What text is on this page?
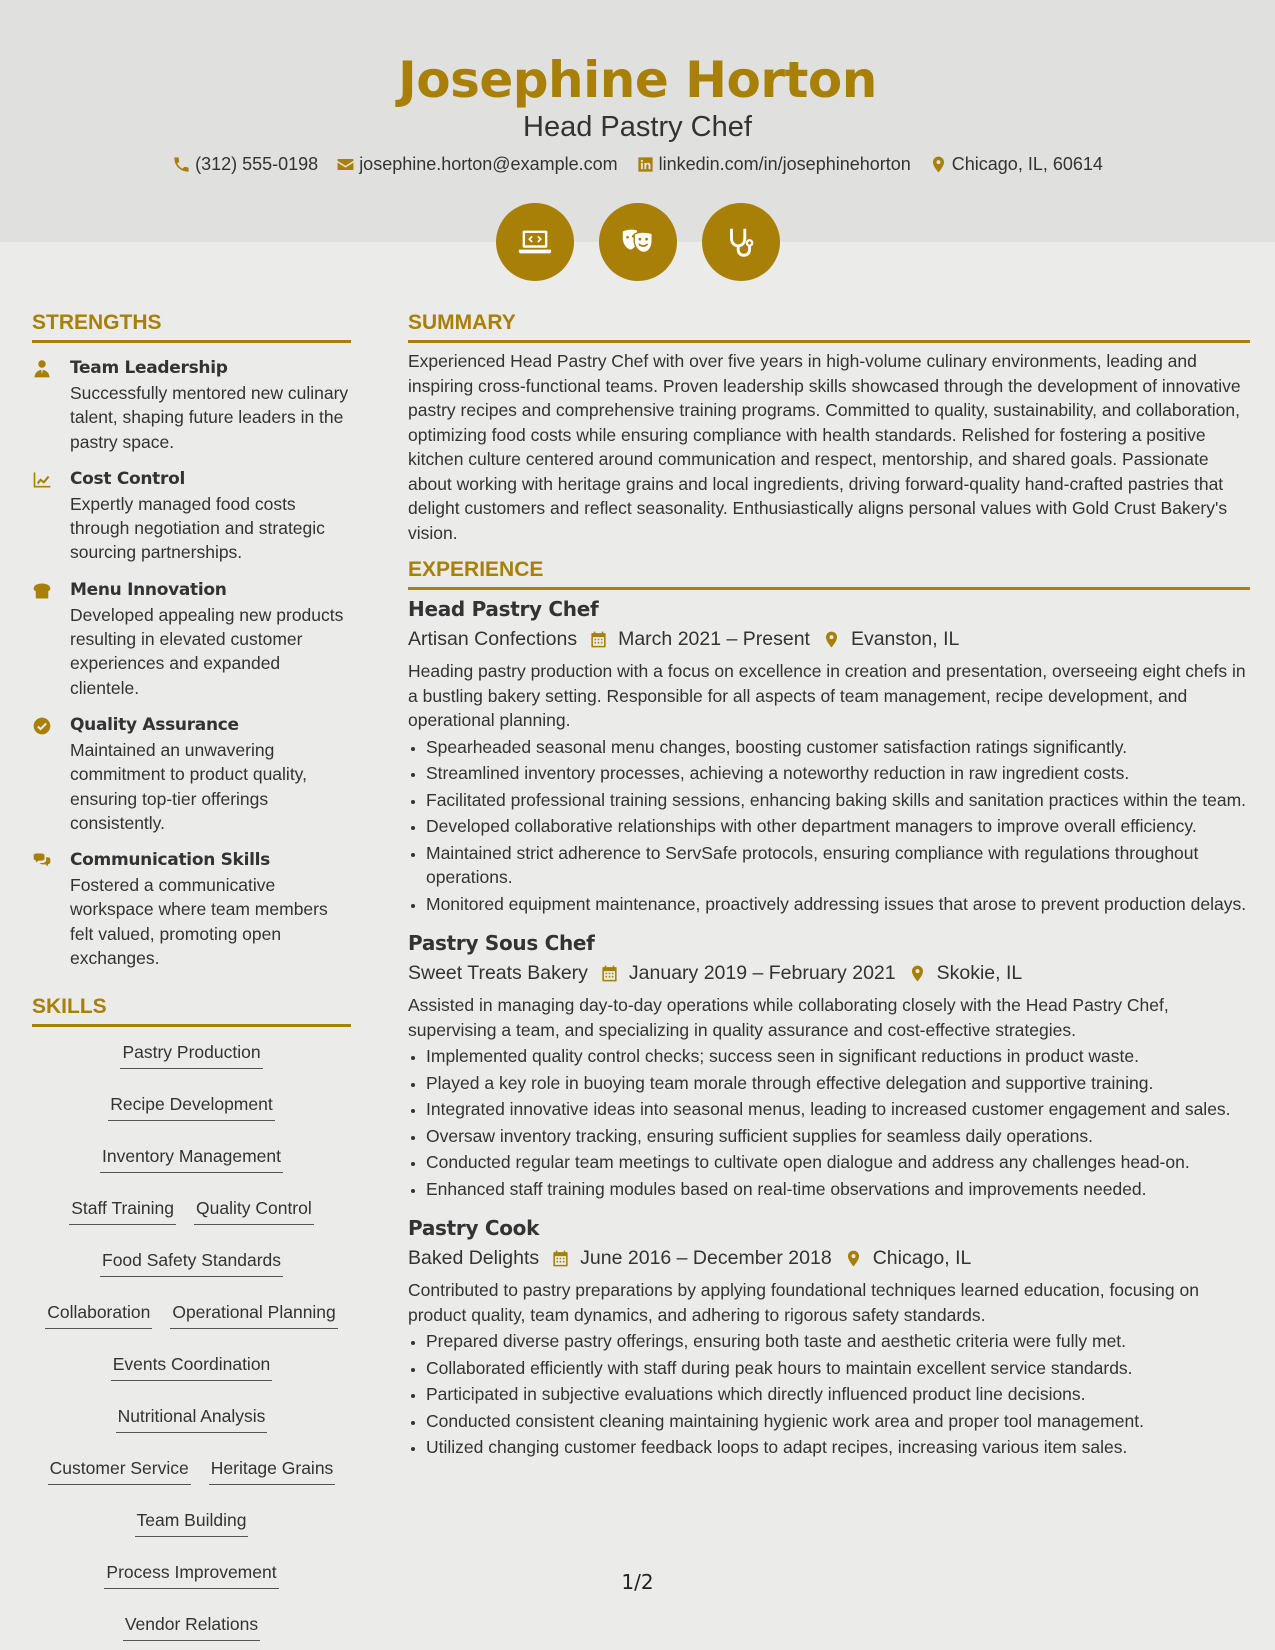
Josephine Horton
Head Pastry Chef
(312) 555-0198 josephine.horton@example.com linkedin.com/in/josephinehorton Chicago, IL, 60614
STRENGTHS
Team Leadership
Successfully mentored new culinary talent, shaping future leaders in the pastry space.
Cost Control
Expertly managed food costs through negotiation and strategic sourcing partnerships.
Menu Innovation
Developed appealing new products resulting in elevated customer experiences and expanded clientele.
Quality Assurance
Maintained an unwavering commitment to product quality, ensuring top-tier offerings consistently.
Communication Skills
Fostered a communicative workspace where team members felt valued, promoting open exchanges.
SKILLS
Pastry Production
Recipe Development
Inventory Management
Staff Training Quality Control
Food Safety Standards
Collaboration Operational Planning
Events Coordination
Nutritional Analysis
Customer Service Heritage Grains
Team Building
Process Improvement
Vendor Relations
SUMMARY
Experienced Head Pastry Chef with over five years in high-volume culinary environments, leading and inspiring cross-functional teams. Proven leadership skills showcased through the development of innovative pastry recipes and comprehensive training programs. Committed to quality, sustainability, and collaboration, optimizing food costs while ensuring compliance with health standards. Relished for fostering a positive kitchen culture centered around communication and respect, mentorship, and shared goals. Passionate about working with heritage grains and local ingredients, driving forward-quality hand-crafted pastries that delight customers and reflect seasonality. Enthusiastically aligns personal values with Gold Crust Bakery's vision.
EXPERIENCE
Head Pastry Chef
Artisan Confections March 2021 – Present Evanston, IL
Heading pastry production with a focus on excellence in creation and presentation, overseeing eight chefs in a bustling bakery setting. Responsible for all aspects of team management, recipe development, and operational planning.
• Spearheaded seasonal menu changes, boosting customer satisfaction ratings significantly.
• Streamlined inventory processes, achieving a noteworthy reduction in raw ingredient costs.
• Facilitated professional training sessions, enhancing baking skills and sanitation practices within the team.
• Developed collaborative relationships with other department managers to improve overall efficiency.
• Maintained strict adherence to ServSafe protocols, ensuring compliance with regulations throughout operations.
• Monitored equipment maintenance, proactively addressing issues that arose to prevent production delays.
Pastry Sous Chef
Sweet Treats Bakery January 2019 – February 2021 Skokie, IL
Assisted in managing day-to-day operations while collaborating closely with the Head Pastry Chef, supervising a team, and specializing in quality assurance and cost-effective strategies.
• Implemented quality control checks; success seen in significant reductions in product waste.
• Played a key role in buoying team morale through effective delegation and supportive training.
• Integrated innovative ideas into seasonal menus, leading to increased customer engagement and sales.
• Oversaw inventory tracking, ensuring sufficient supplies for seamless daily operations.
• Conducted regular team meetings to cultivate open dialogue and address any challenges head-on.
• Enhanced staff training modules based on real-time observations and improvements needed.
Pastry Cook
Baked Delights June 2016 – December 2018 Chicago, IL
Contributed to pastry preparations by applying foundational techniques learned education, focusing on product quality, team dynamics, and adhering to rigorous safety standards.
• Prepared diverse pastry offerings, ensuring both taste and aesthetic criteria were fully met.
• Collaborated efficiently with staff during peak hours to maintain excellent service standards.
• Participated in subjective evaluations which directly influenced product line decisions.
• Conducted consistent cleaning maintaining hygienic work area and proper tool management.
• Utilized changing customer feedback loops to adapt recipes, increasing various item sales.
1/2
